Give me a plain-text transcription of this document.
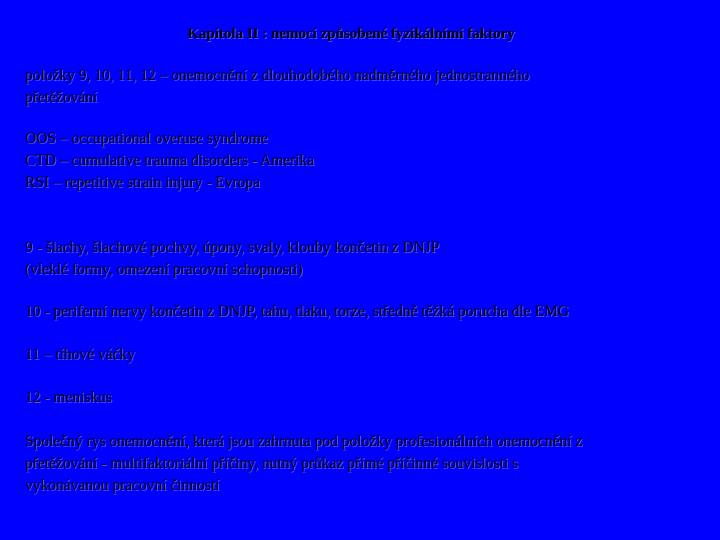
Kapitola II : nemoci způsobené fyzikálními faktory
položky 9, 10, 11, 12 – onemocnění z dlouhodobého nadměrného jednostranného
přetěžování
OOS – occupational overuse syndrome
CTD – cumulative trauma disorders - Amerika
RSI – repetitive strain injury - Evropa
9 - šlachy, šlachové pochvy, úpony, svaly, klouby končetin z DNJP
(vleklé formy, omezení pracovní schopnosti)
10 - periferní nervy končetin z DNJP, tahu, tlaku, torze, středně těžká porucha dle EMG
11 – tíhové váčky
12 - meniskus
Společný rys onemocnění, která jsou zahrnuta pod položky profesionálních onemocnění z
přetěžování - multifaktoriální příčiny, nutný průkaz přímé příčinné souvislosti s
vykonávanou pracovní činností
